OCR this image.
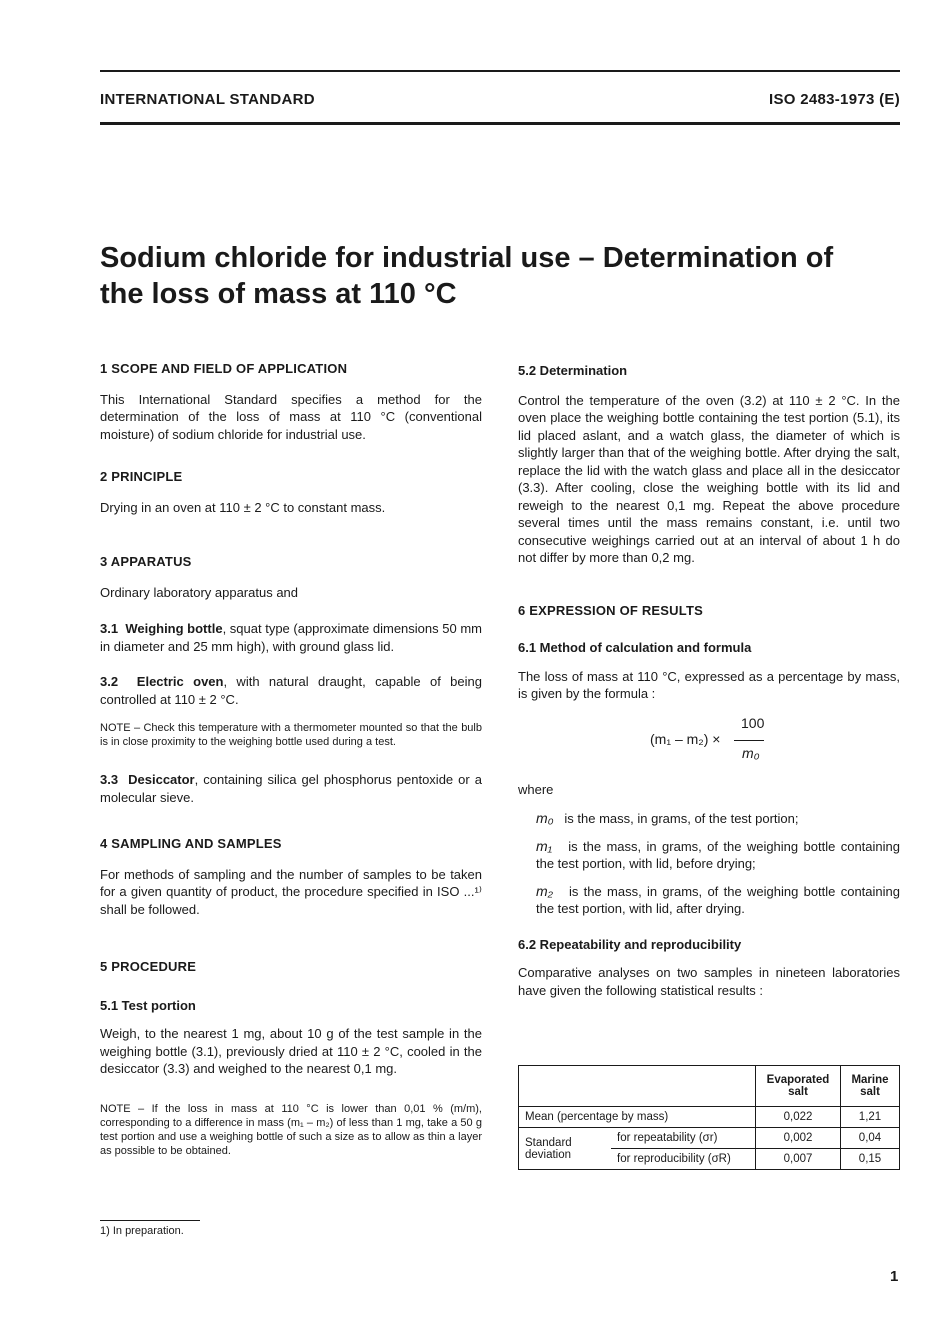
INTERNATIONAL STANDARD	ISO 2483-1973 (E)
Sodium chloride for industrial use – Determination of
the loss of mass at 110 °C

1 SCOPE AND FIELD OF APPLICATION

This International Standard specifies a method for the determination of the loss of mass at 110 °C (conventional moisture) of sodium chloride for industrial use.

2 PRINCIPLE

Drying in an oven at 110 ± 2 °C to constant mass.

3 APPARATUS

Ordinary laboratory apparatus and

3.1 Weighing bottle, squat type (approximate dimensions 50 mm in diameter and 25 mm high), with ground glass lid.

3.2 Electric oven, with natural draught, capable of being controlled at 110 ± 2 °C.

NOTE – Check this temperature with a thermometer mounted so that the bulb is in close proximity to the weighing bottle used during a test.

3.3 Desiccator, containing silica gel phosphorus pentoxide or a molecular sieve.

4 SAMPLING AND SAMPLES

For methods of sampling and the number of samples to be taken for a given quantity of product, the procedure specified in ISO ...¹⁾ shall be followed.

5 PROCEDURE

5.1 Test portion

Weigh, to the nearest 1 mg, about 10 g of the test sample in the weighing bottle (3.1), previously dried at 110 ± 2 °C, cooled in the desiccator (3.3) and weighed to the nearest 0,1 mg.

NOTE – If the loss in mass at 110 °C is lower than 0,01 % (m/m), corresponding to a difference in mass (m₁ – m₂) of less than 1 mg, take a 50 g test portion and use a weighing bottle of such a size as to allow as thin a layer as possible to be obtained.

5.2 Determination

Control the temperature of the oven (3.2) at 110 ± 2 °C. In the oven place the weighing bottle containing the test portion (5.1), its lid placed aslant, and a watch glass, the diameter of which is slightly larger than that of the weighing bottle. After drying the salt, replace the lid with the watch glass and place all in the desiccator (3.3). After cooling, close the weighing bottle with its lid and reweigh to the nearest 0,1 mg. Repeat the above procedure several times until the mass remains constant, i.e. until two consecutive weighings carried out at an interval of about 1 h do not differ by more than 0,2 mg.

6 EXPRESSION OF RESULTS

6.1 Method of calculation and formula

The loss of mass at 110 °C, expressed as a percentage by mass, is given by the formula :

100
(m₁ – m₂) ×
m₀

where

m₀ is the mass, in grams, of the test portion;

m₁ is the mass, in grams, of the weighing bottle containing the test portion, with lid, before drying;

m₂ is the mass, in grams, of the weighing bottle containing the test portion, with lid, after drying.

6.2 Repeatability and reproducibility

Comparative analyses on two samples in nineteen laboratories have given the following statistical results :

		Evaporated salt	Marine salt
Mean (percentage by mass)		0,022	1,21
Standard deviation	for repeatability (σr)	0,002	0,04
	for reproducibility (σR)	0,007	0,15
1) In preparation.
1
